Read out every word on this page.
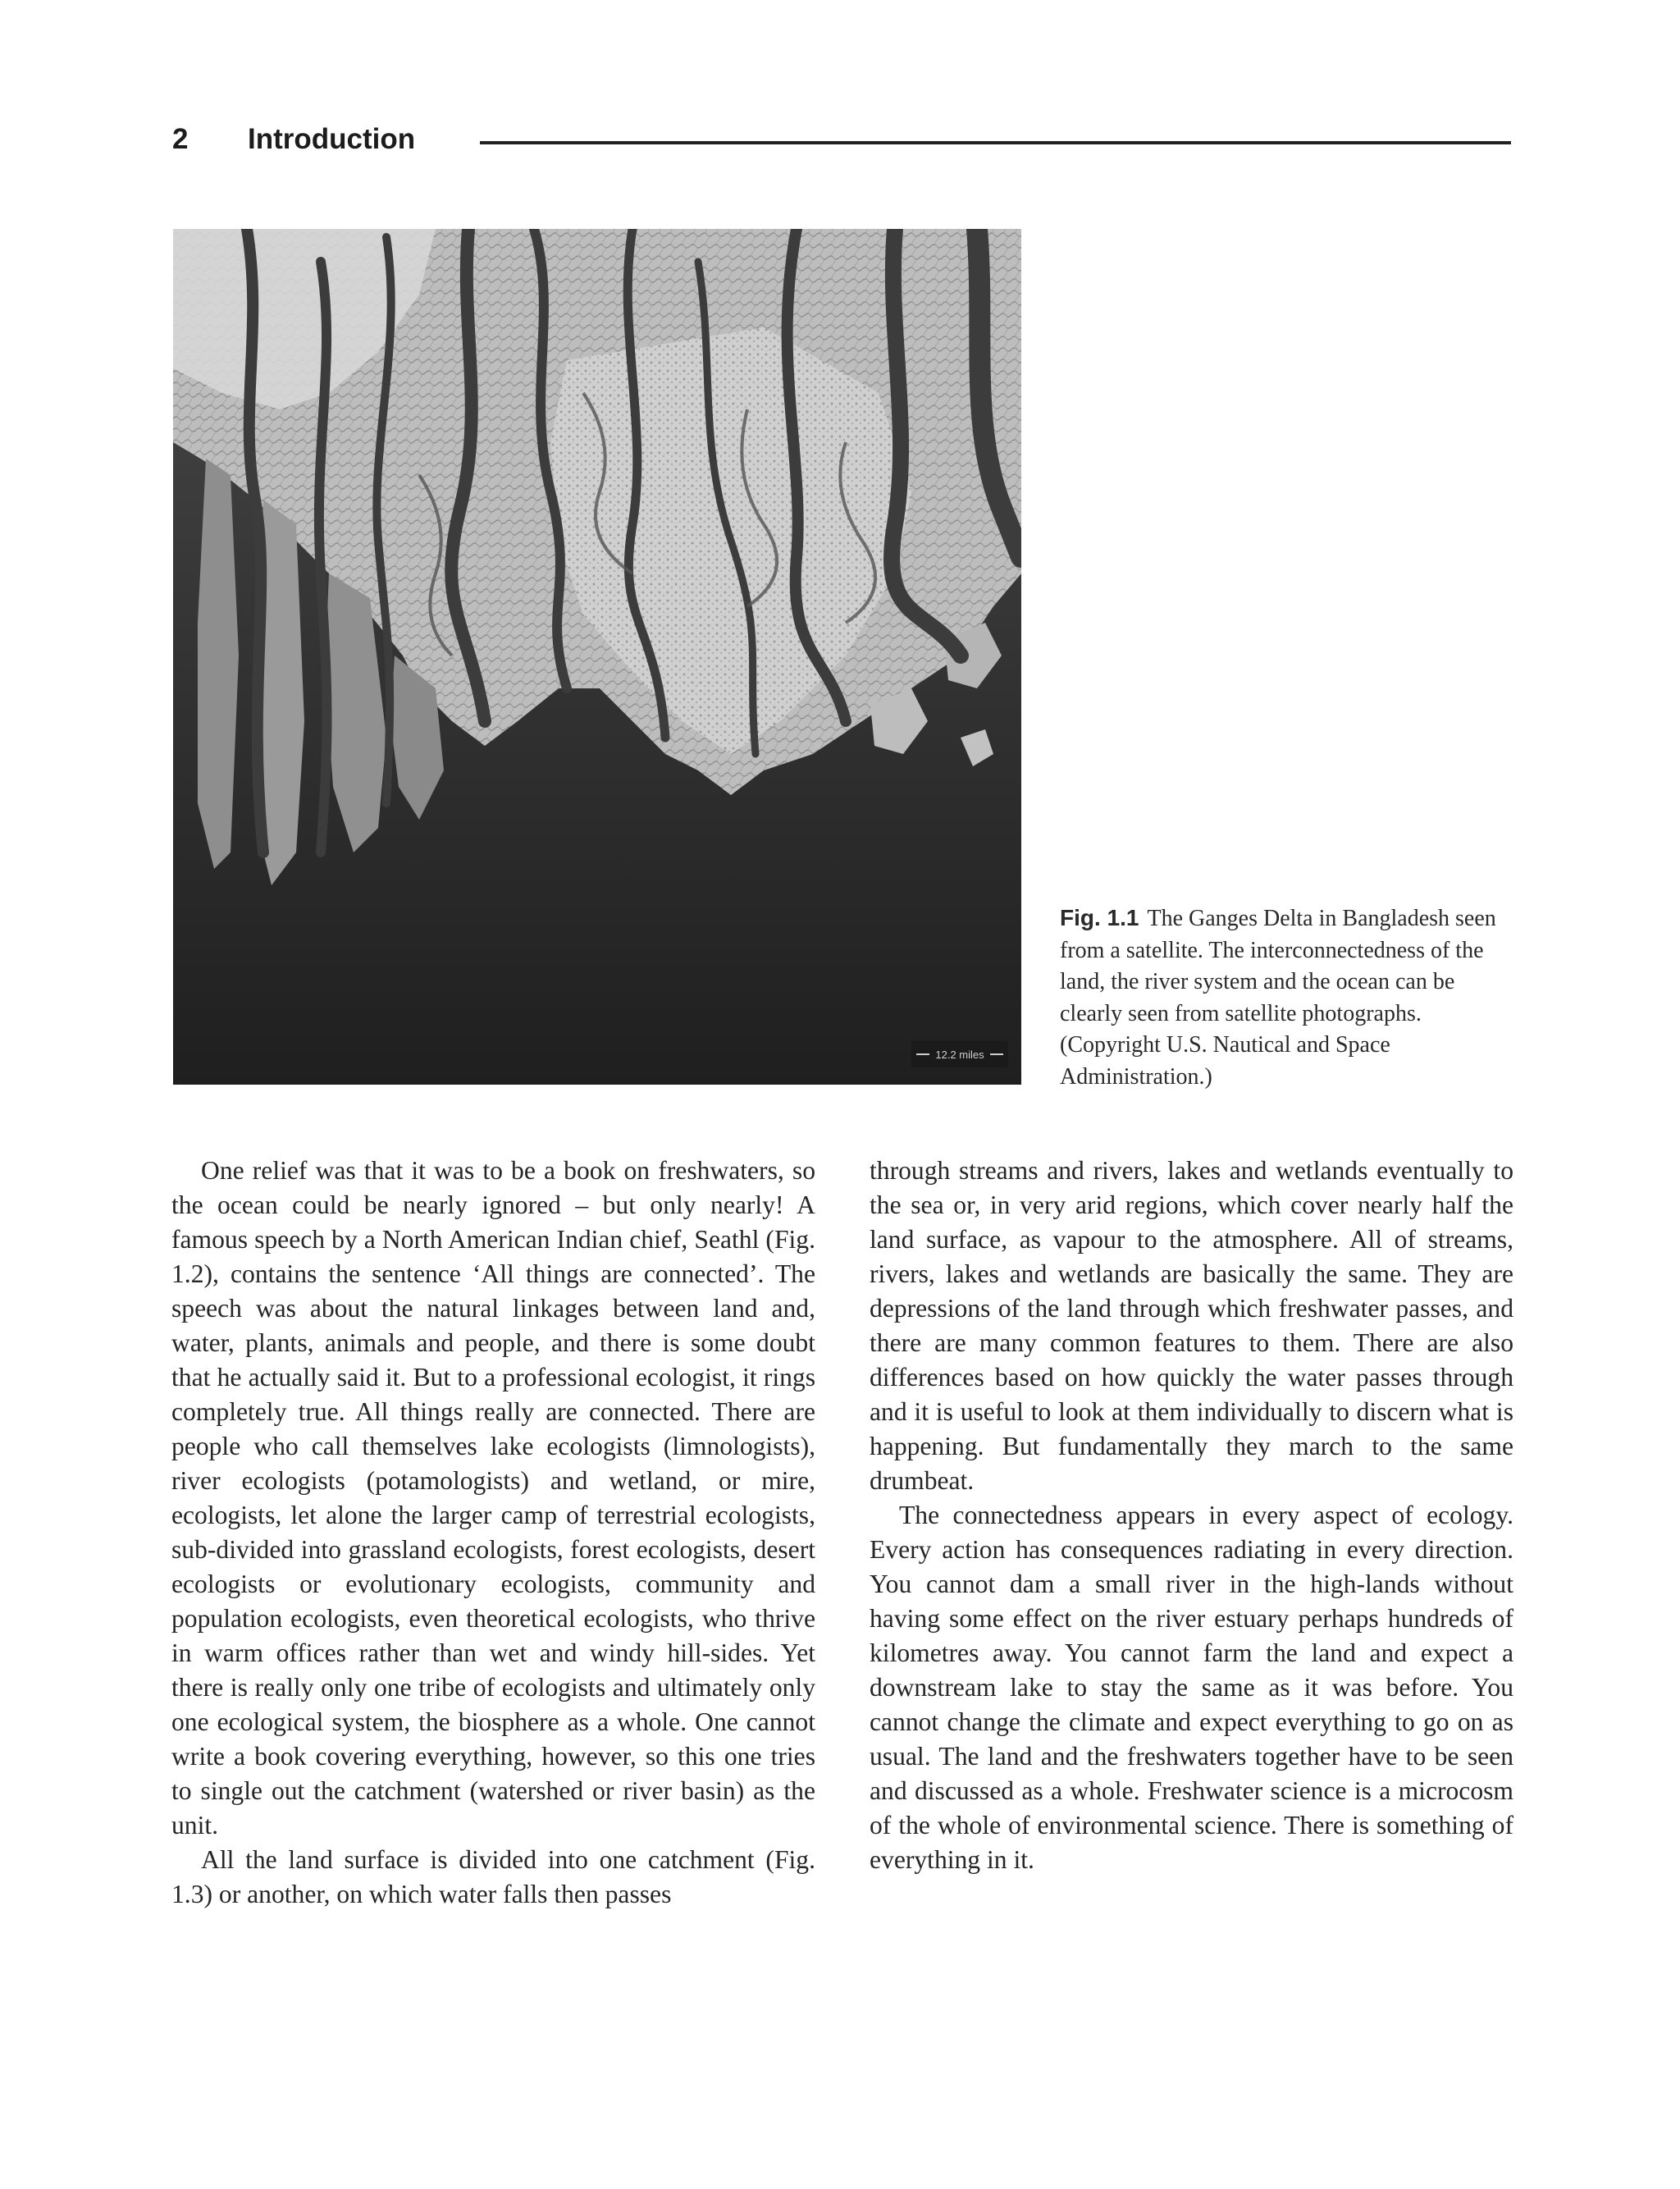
2 Introduction
12.2 miles
Fig. 1.1 The Ganges Delta in Bangladesh seen from a satellite. The interconnectedness of the land, the river system and the ocean can be clearly seen from satellite photographs. (Copyright U.S. Nautical and Space Administration.)

One relief was that it was to be a book on freshwaters, so the ocean could be nearly ignored – but only nearly! A famous speech by a North American Indian chief, Seathl (Fig. 1.2), contains the sentence ‘All things are connected’. The speech was about the natural linkages between land and, water, plants, animals and people, and there is some doubt that he actually said it. But to a professional ecologist, it rings completely true. All things really are connected. There are people who call themselves lake ecologists (limnologists), river ecologists (potamologists) and wetland, or mire, ecologists, let alone the larger camp of terrestrial ecologists, sub-divided into grassland ecologists, forest ecologists, desert ecologists or evolutionary ecologists, community and population ecologists, even theoretical ecologists, who thrive in warm offices rather than wet and windy hill-sides. Yet there is really only one tribe of ecologists and ultimately only one ecological system, the biosphere as a whole. One cannot write a book covering everything, however, so this one tries to single out the catchment (watershed or river basin) as the unit.

All the land surface is divided into one catchment (Fig. 1.3) or another, on which water falls then passes

through streams and rivers, lakes and wetlands eventually to the sea or, in very arid regions, which cover nearly half the land surface, as vapour to the atmosphere. All of streams, rivers, lakes and wetlands are basically the same. They are depressions of the land through which freshwater passes, and there are many common features to them. There are also differences based on how quickly the water passes through and it is useful to look at them individually to discern what is happening. But fundamentally they march to the same drumbeat.

The connectedness appears in every aspect of ecology. Every action has consequences radiating in every direction. You cannot dam a small river in the high-lands without having some effect on the river estuary perhaps hundreds of kilometres away. You cannot farm the land and expect a downstream lake to stay the same as it was before. You cannot change the climate and expect everything to go on as usual. The land and the freshwaters together have to be seen and discussed as a whole. Freshwater science is a microcosm of the whole of environmental science. There is something of everything in it.
